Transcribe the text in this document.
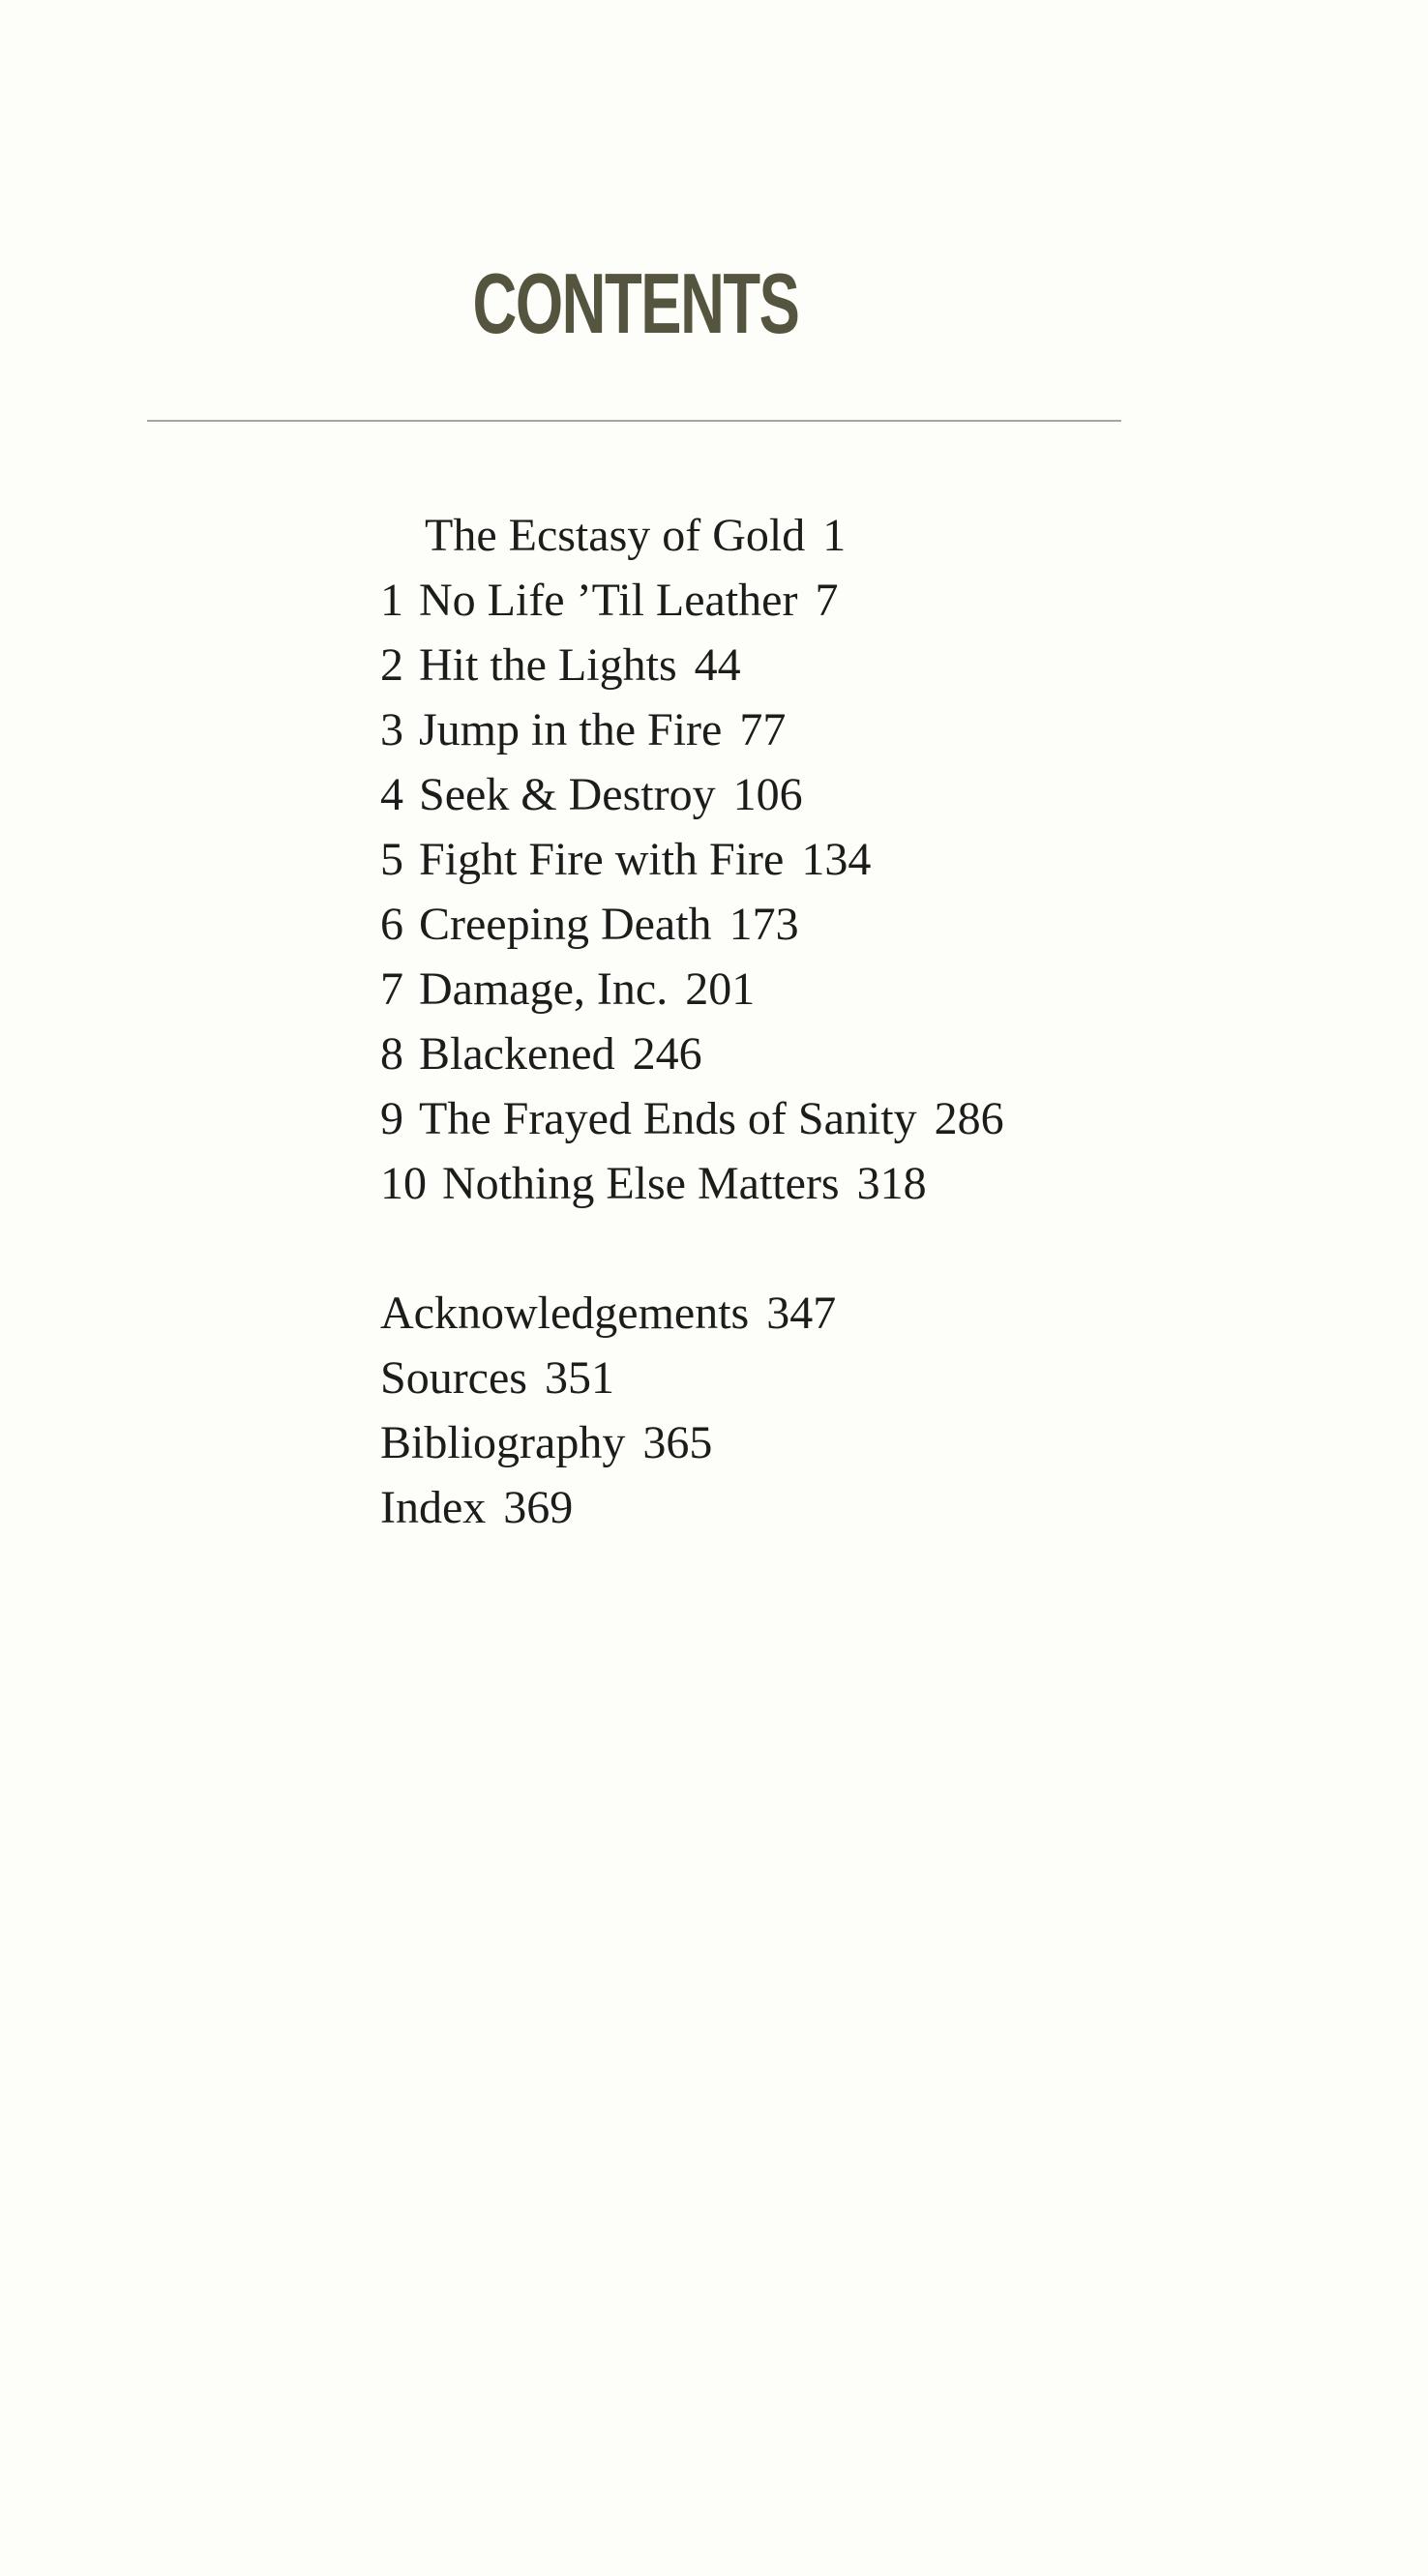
CONTENTS
The Ecstasy of Gold 1
1 No Life ’Til Leather 7
2 Hit the Lights 44
3 Jump in the Fire 77
4 Seek & Destroy 106
5 Fight Fire with Fire 134
6 Creeping Death 173
7 Damage, Inc. 201
8 Blackened 246
9 The Frayed Ends of Sanity 286
10 Nothing Else Matters 318
Acknowledgements 347
Sources 351
Bibliography 365
Index 369
